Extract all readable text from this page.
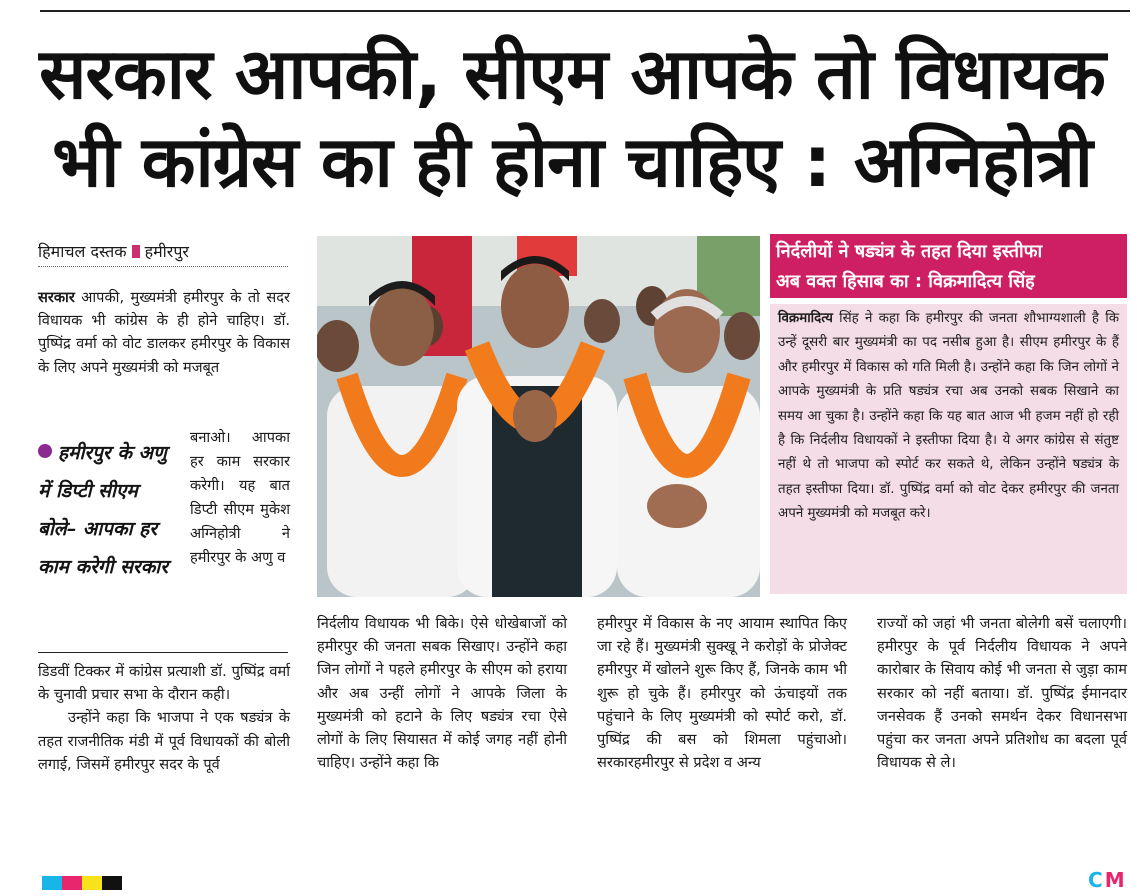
सरकार आपकी, सीएम आपके तो विधायक
भी कांग्रेस का ही होना चाहिए : अग्निहोत्री
हिमाचल दस्तक हमीरपुर

सरकार आपकी, मुख्यमंत्री हमीरपुर के तो सदर विधायक भी कांग्रेस के ही होने चाहिए। डॉ. पुष्पिंद्र वर्मा को वोट डालकर हमीरपुर के विकास के लिए अपने मुख्यमंत्री को मजबूत

बनाओ। आपका हर काम सरकार करेगी। यह बात डिप्टी सीएम मुकेश अग्निहोत्री ने हमीरपुर के अणु व

हमीरपुर के अणु में डिप्टी सीएम बोले– आपका हर काम करेगी सरकार

डिडवीं टिक्कर में कांग्रेस प्रत्याशी डॉ. पुष्पिंद्र वर्मा के चुनावी प्रचार सभा के दौरान कही।

उन्होंने कहा कि भाजपा ने एक षड्यंत्र के तहत राजनीतिक मंडी में पूर्व विधायकों की बोली लगाई, जिसमें हमीरपुर सदर के पूर्व

निर्दलीयों ने षड्यंत्र के तहत दिया इस्तीफा
अब वक्त हिसाब का : विक्रमादित्य सिंह
विक्रमादित्य सिंह ने कहा कि हमीरपुर की जनता शौभाग्यशाली है कि उन्हें दूसरी बार मुख्यमंत्री का पद नसीब हुआ है। सीएम हमीरपुर के हैं और हमीरपुर में विकास को गति मिली है। उन्होंने कहा कि जिन लोगों ने आपके मुख्यमंत्री के प्रति षड्यंत्र रचा अब उनको सबक सिखाने का समय आ चुका है। उन्होंने कहा कि यह बात आज भी हजम नहीं हो रही है कि निर्दलीय विधायकों ने इस्तीफा दिया है। ये अगर कांग्रेस से संतुष्ट नहीं थे तो भाजपा को स्पोर्ट कर सकते थे, लेकिन उन्होंने षड्यंत्र के तहत इस्तीफा दिया। डॉ. पुष्पिंद्र वर्मा को वोट देकर हमीरपुर की जनता अपने मुख्यमंत्री को मजबूत करे।

निर्दलीय विधायक भी बिके। ऐसे धोखेबाजों को हमीरपुर की जनता सबक सिखाए। उन्होंने कहा जिन लोगों ने पहले हमीरपुर के सीएम को हराया और अब उन्हीं लोगों ने आपके जिला के मुख्यमंत्री को हटाने के लिए षड्यंत्र रचा ऐसे लोगों के लिए सियासत में कोई जगह नहीं होनी चाहिए। उन्होंने कहा कि

हमीरपुर में विकास के नए आयाम स्थापित किए जा रहे हैं। मुख्यमंत्री सुक्खू ने करोड़ों के प्रोजेक्ट हमीरपुर में खोलने शुरू किए हैं, जिनके काम भी शुरू हो चुके हैं। हमीरपुर को ऊंचाइयों तक पहुंचाने के लिए मुख्यमंत्री को स्पोर्ट करो, डॉ. पुष्पिंद्र की बस को शिमला पहुंचाओ। सरकारहमीरपुर से प्रदेश व अन्य

राज्यों को जहां भी जनता बोलेगी बसें चलाएगी। हमीरपुर के पूर्व निर्दलीय विधायक ने अपने कारोबार के सिवाय कोई भी जनता से जुड़ा काम सरकार को नहीं बताया। डॉ. पुष्पिंद्र ईमानदार जनसेवक हैं उनको समर्थन देकर विधानसभा पहुंचा कर जनता अपने प्रतिशोध का बदला पूर्व विधायक से ले।

CM
